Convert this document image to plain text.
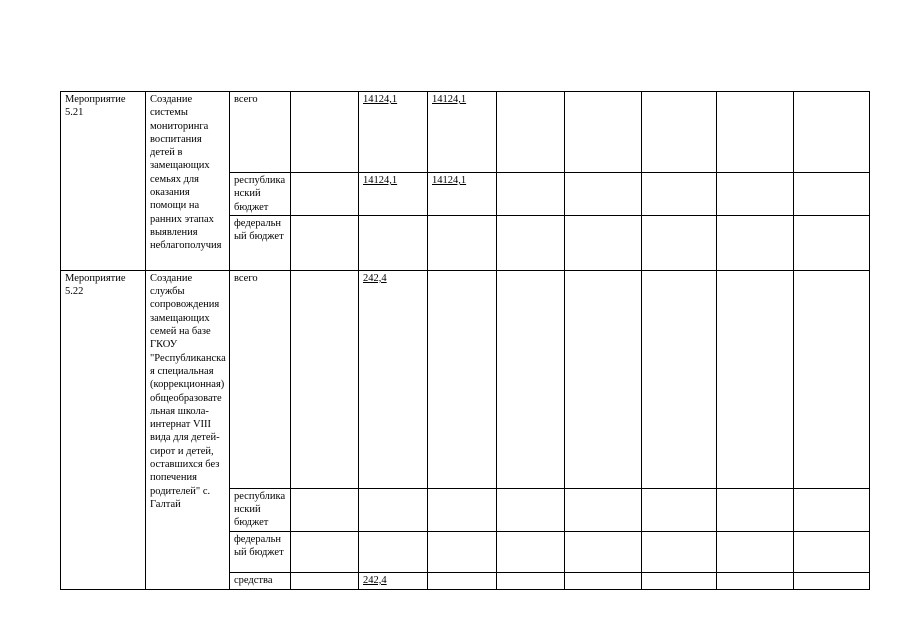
Мероприятие 5.21	Создание системы мониторинга воспитания детей в замещающих семьях для оказания помощи на ранних этапах выявления неблагополучия	всего		14124,1	14124,1					
		республиканский бюджет		14124,1	14124,1					
		федеральный бюджет								
Мероприятие 5.22	Создание службы сопровождения замещающих семей на базе ГКОУ "Республиканская специальная (коррекционная) общеобразовательная школа-интернат VIII вида для детей-сирот и детей, оставшихся без попечения родителей" с. Галтай	всего		242,4						
		республиканский бюджет								
		федеральный бюджет								
		средства		242,4						
